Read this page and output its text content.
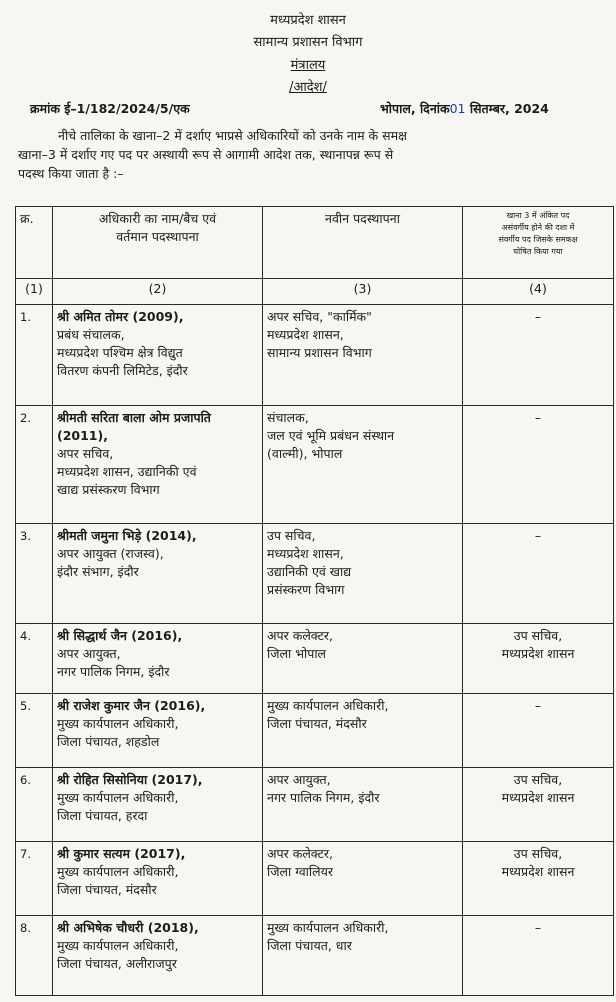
मध्यप्रदेश शासन
सामान्य प्रशासन विभाग
मंत्रालय
/आदेश/
क्रमांक ई–1/182/2024/5/एक	भोपाल, दिनांक01 सितम्बर, 2024

नीचे तालिका के खाना–2 में दर्शाए भाप्रसे अधिकारियों को उनके नाम के समक्ष

खाना–3 में दर्शाए गए पद पर अस्थायी रूप से आगामी आदेश तक, स्थानापन्न रूप से

पदस्थ किया जाता है :–

क्र.	अधिकारी का नाम/बैच एवं
वर्तमान पदस्थापना	नवीन पदस्थापना	खाना 3 में अंकित पद
असंवर्गीय होने की दशा में
संवर्गीय पद जिसके समकक्ष
घोषित किया गया

(1)	(2)	(3)	(4)
1.	श्री अमित तोमर (2009),
प्रबंध संचालक,
मध्यप्रदेश पश्चिम क्षेत्र विद्युत
वितरण कंपनी लिमिटेड, इंदौर	अपर सचिव, "कार्मिक"
मध्यप्रदेश शासन,
सामान्य प्रशासन विभाग	–

2.	श्रीमती सरिता बाला ओम प्रजापति (2011),
अपर सचिव,
मध्यप्रदेश शासन, उद्यानिकी एवं
खाद्य प्रसंस्करण विभाग	संचालक,
जल एवं भूमि प्रबंधन संस्थान
(वाल्मी), भोपाल	–

3.	श्रीमती जमुना भिड़े (2014),
अपर आयुक्त (राजस्व),
इंदौर संभाग, इंदौर	उप सचिव,
मध्यप्रदेश शासन,
उद्यानिकी एवं खाद्य
प्रसंस्करण विभाग	–

4.	श्री सिद्धार्थ जैन (2016),
अपर आयुक्त,
नगर पालिक निगम, इंदौर	अपर कलेक्टर,
जिला भोपाल	उप सचिव,
मध्यप्रदेश शासन

5.	श्री राजेश कुमार जैन (2016),
मुख्य कार्यपालन अधिकारी,
जिला पंचायत, शहडोल	मुख्य कार्यपालन अधिकारी,
जिला पंचायत, मंदसौर	–

6.	श्री रोहित सिसोनिया (2017),
मुख्य कार्यपालन अधिकारी,
जिला पंचायत, हरदा	अपर आयुक्त,
नगर पालिक निगम, इंदौर	उप सचिव,
मध्यप्रदेश शासन

7.	श्री कुमार सत्यम (2017),
मुख्य कार्यपालन अधिकारी,
जिला पंचायत, मंदसौर	अपर कलेक्टर,
जिला ग्वालियर	उप सचिव,
मध्यप्रदेश शासन

8.	श्री अभिषेक चौधरी (2018),
मुख्य कार्यपालन अधिकारी,
जिला पंचायत, अलीराजपुर	मुख्य कार्यपालन अधिकारी,
जिला पंचायत, धार	–
